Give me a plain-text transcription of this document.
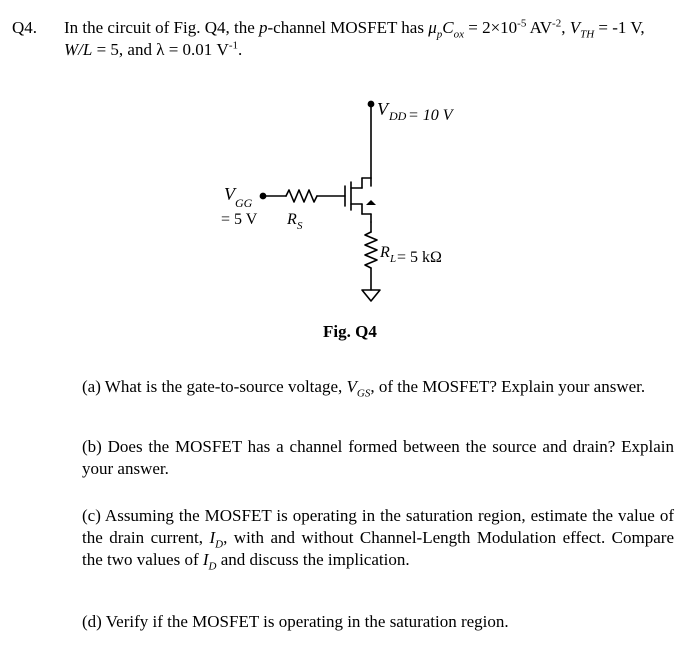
Q4. In the circuit of Fig. Q4, the p-channel MOSFET has $\mu_pC_{ox} = 2\times 10^{-5}$ $AV^{-2}$, $V_{TH} = -1$ V,
W/L = 5, and λ = 0.01 $V^{-1}$.
V DD = 10 V
V GG
= 5 V R S
R L = 5 kΩ
Fig. Q4
(a) What is the gate-to-source voltage, $V_{GS}$, of the MOSFET? Explain your answer.
(b) Does the MOSFET has a channel formed between the source and drain? Explain your answer.
(c) Assuming the MOSFET is operating in the saturation region, estimate the value of the drain current, $I_D$, with and without Channel-Length Modulation effect. Compare the two values of $I_D$ and discuss the implication.
(d) Verify if the MOSFET is operating in the saturation region.
